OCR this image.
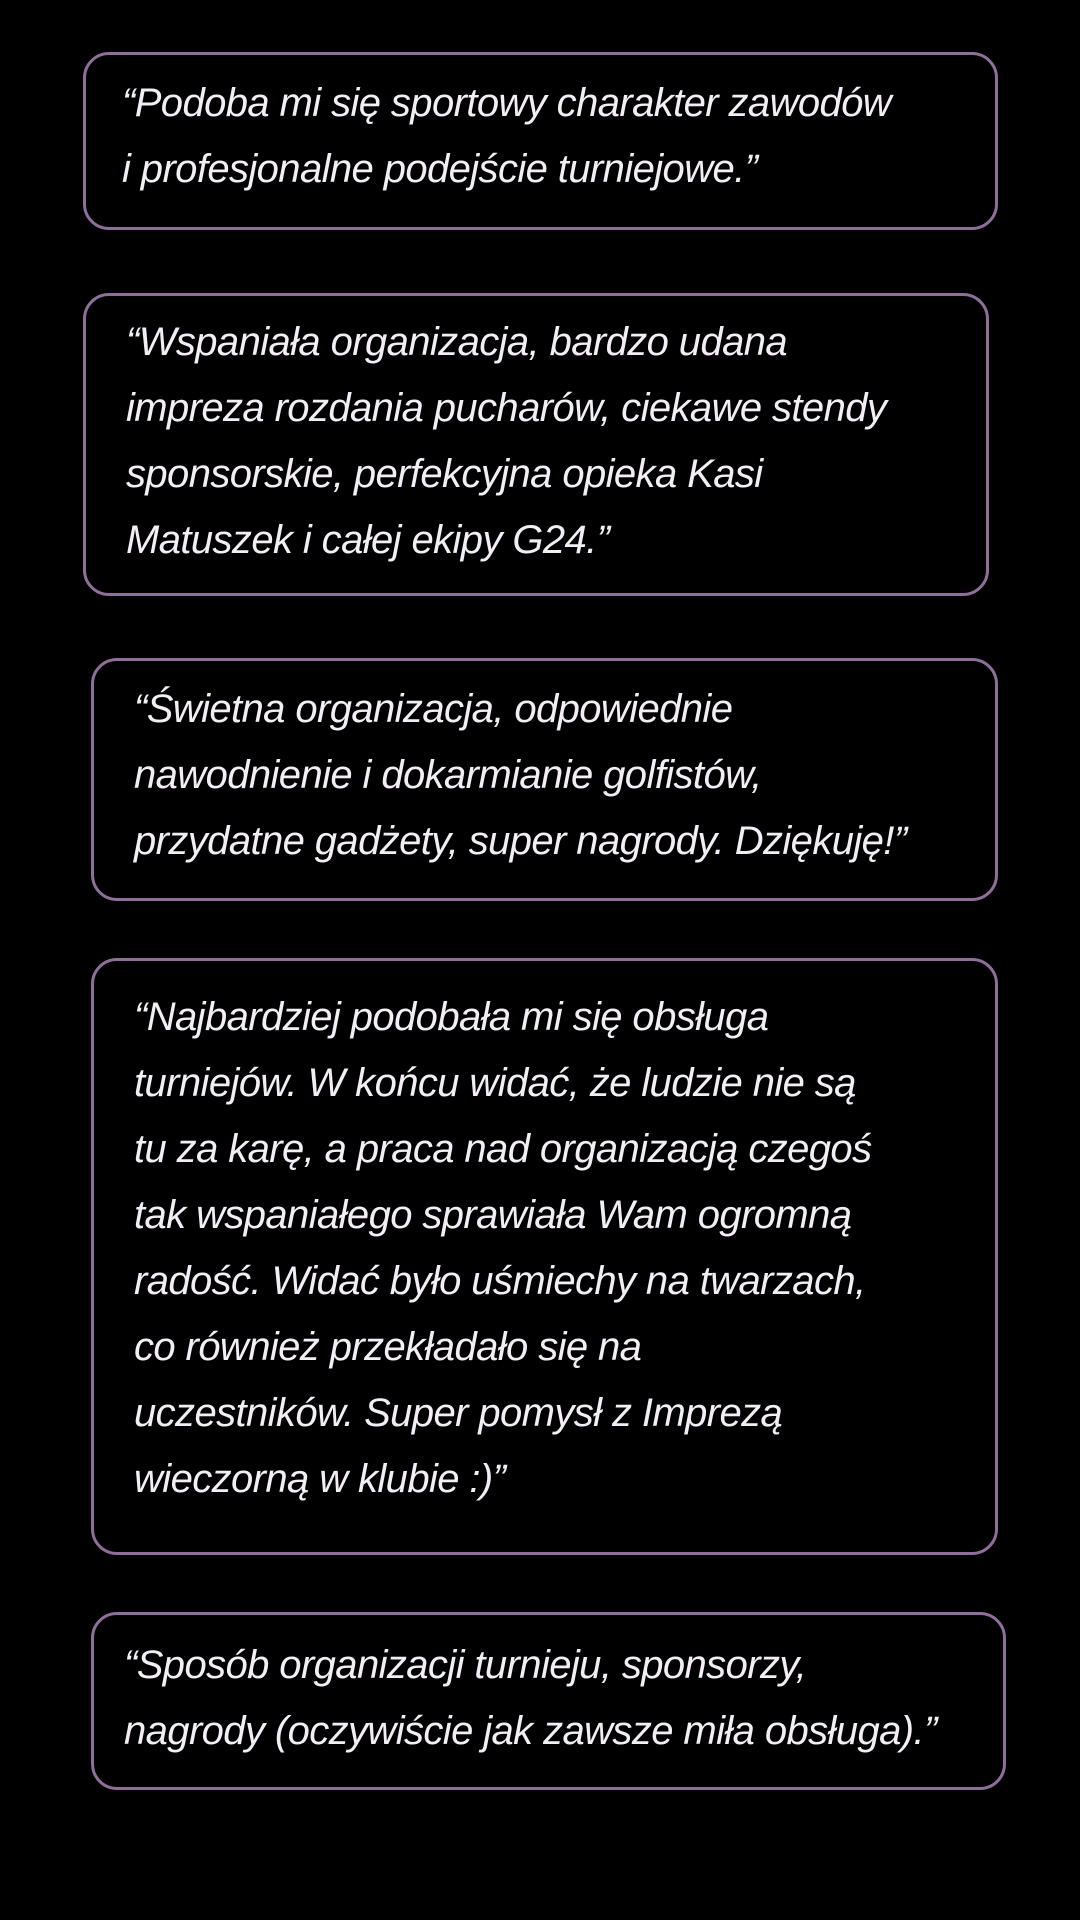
“Podoba mi się sportowy charakter zawodów
i profesjonalne podejście turniejowe.”

“Wspaniała organizacja, bardzo udana
impreza rozdania pucharów, ciekawe stendy
sponsorskie, perfekcyjna opieka Kasi
Matuszek i całej ekipy G24.”

“Świetna organizacja, odpowiednie
nawodnienie i dokarmianie golfistów,
przydatne gadżety, super nagrody. Dziękuję!”

“Najbardziej podobała mi się obsługa
turniejów. W końcu widać, że ludzie nie są
tu za karę, a praca nad organizacją czegoś
tak wspaniałego sprawiała Wam ogromną
radość. Widać było uśmiechy na twarzach,
co również przekładało się na
uczestników. Super pomysł z Imprezą
wieczorną w klubie :)”

“Sposób organizacji turnieju, sponsorzy,
nagrody (oczywiście jak zawsze miła obsługa).”
